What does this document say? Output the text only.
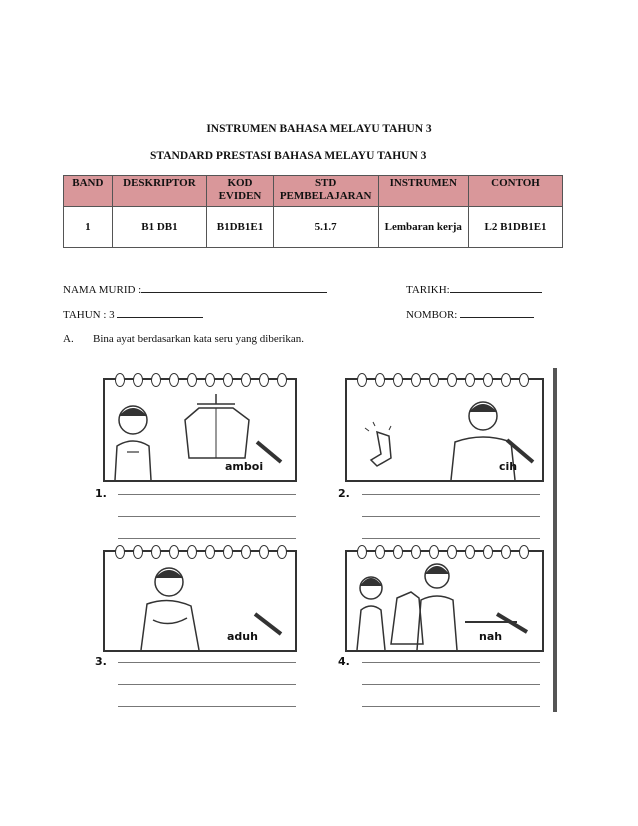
INSTRUMEN BAHASA MELAYU TAHUN 3
STANDARD PRESTASI BAHASA MELAYU TAHUN 3
BAND	DESKRIPTOR	KOD EVIDEN	STD PEMBELAJARAN	INSTRUMEN	CONTOH
1	B1 DB1	B1DB1E1	5.1.7	Lembaran kerja	L2 B1DB1E1
NAMA MURID :	TARIKH:
TAHUN : 3	NOMBOR:
A. Bina ayat berdasarkan kata seru yang diberikan.
amboi	cih
aduh	nah
1.	2.
3.	4.
